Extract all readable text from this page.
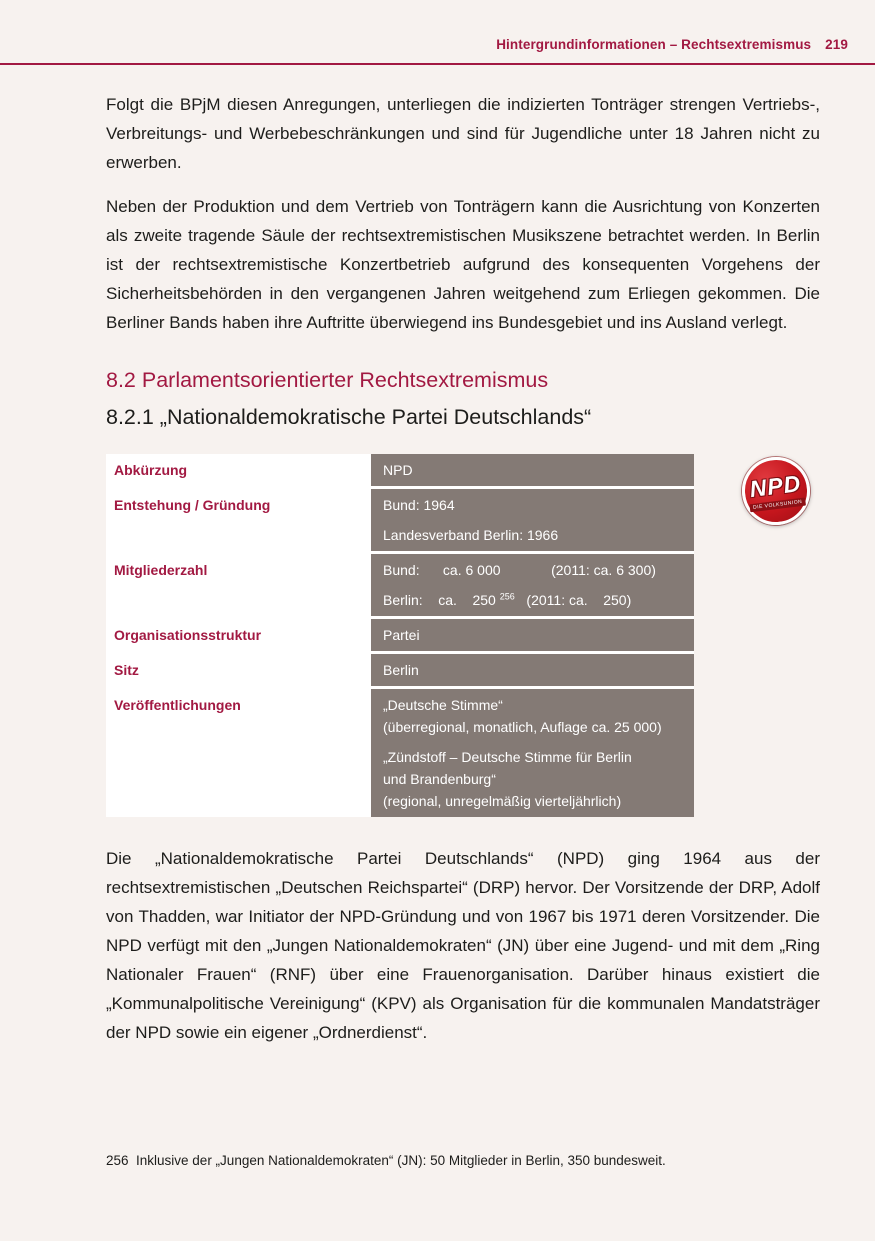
Hintergrundinformationen – Rechtsextremismus 219

Folgt die BPjM diesen Anregungen, unterliegen die indizierten Tonträger strengen Vertriebs-, Verbreitungs- und Werbebeschränkungen und sind für Jugendliche unter 18 Jahren nicht zu erwerben.

Neben der Produktion und dem Vertrieb von Tonträgern kann die Ausrichtung von Konzerten als zweite tragende Säule der rechtsextremistischen Musikszene betrachtet werden. In Berlin ist der rechtsextremistische Konzertbetrieb aufgrund des konsequenten Vorgehens der Sicherheitsbehörden in den vergangenen Jahren weitgehend zum Erliegen gekommen. Die Berliner Bands haben ihre Auftritte überwiegend ins Bundesgebiet und ins Ausland verlegt.

8.2 Parlamentsorientierter Rechtsextremismus
8.2.1 „Nationaldemokratische Partei Deutschlands“
Abkürzung	NPD
Entstehung / Gründung	Bund: 1964
Landesverband Berlin: 1966
Mitgliederzahl	Bund:      ca. 6 000             (2011: ca. 6 300)
Berlin:    ca.    250 $^{256}$   (2011: ca.    250)
Organisationsstruktur	Partei
Sitz	Berlin
Veröffentlichungen	„Deutsche Stimme“
(überregional, monatlich, Auflage ca. 25 000)
„Zündstoff – Deutsche Stimme für Berlin
und Brandenburg“
(regional, unregelmäßig vierteljährlich)
NPD
DIE VOLKSUNION

Die „Nationaldemokratische Partei Deutschlands“ (NPD) ging 1964 aus der rechtsextremistischen „Deutschen Reichspartei“ (DRP) hervor. Der Vorsitzende der DRP, Adolf von Thadden, war Initiator der NPD-Gründung und von 1967 bis 1971 deren Vorsitzender. Die NPD verfügt mit den „Jungen Nationaldemokraten“ (JN) über eine Jugend- und mit dem „Ring Nationaler Frauen“ (RNF) über eine Frauenorganisation. Darüber hinaus existiert die „Kommunalpolitische Vereinigung“ (KPV) als Organisation für die kommunalen Mandatsträger der NPD sowie ein eigener „Ordnerdienst“.

256  Inklusive der „Jungen Nationaldemokraten“ (JN): 50 Mitglieder in Berlin, 350 bundesweit.
